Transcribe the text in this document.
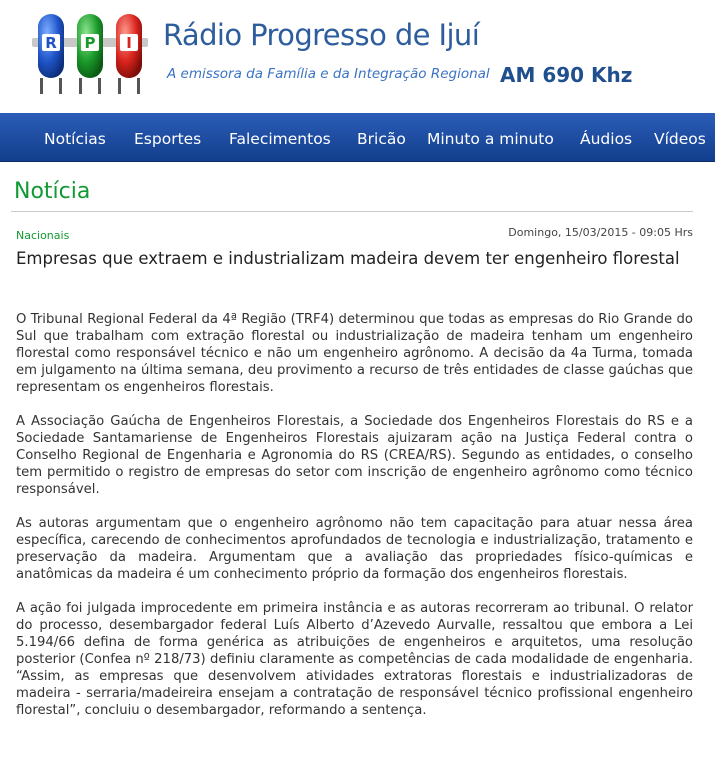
R P I Rádio Progresso de Ijuí
A emissora da Família e da Integração Regional AM 690 Khz
Notícias Esportes Falecimentos Bricão Minuto a minuto Áudios Vídeos
Notícia
Nacionais	Domingo, 15/03/2015 - 09:05 Hrs
Empresas que extraem e industrializam madeira devem ter engenheiro florestal

O Tribunal Regional Federal da 4ª Região (TRF4) determinou que todas as empresas do Rio Grande do Sul que trabalham com extração florestal ou industrialização de madeira tenham um engenheiro florestal como responsável técnico e não um engenheiro agrônomo. A decisão da 4a Turma, tomada em julgamento na última semana, deu provimento a recurso de três entidades de classe gaúchas que representam os engenheiros florestais.

A Associação Gaúcha de Engenheiros Florestais, a Sociedade dos Engenheiros Florestais do RS e a Sociedade Santamariense de Engenheiros Florestais ajuizaram ação na Justiça Federal contra o Conselho Regional de Engenharia e Agronomia do RS (CREA/RS). Segundo as entidades, o conselho tem permitido o registro de empresas do setor com inscrição de engenheiro agrônomo como técnico responsável.

As autoras argumentam que o engenheiro agrônomo não tem capacitação para atuar nessa área específica, carecendo de conhecimentos aprofundados de tecnologia e industrialização, tratamento e preservação da madeira. Argumentam que a avaliação das propriedades físico-químicas e anatômicas da madeira é um conhecimento próprio da formação dos engenheiros florestais.

A ação foi julgada improcedente em primeira instância e as autoras recorreram ao tribunal. O relator do processo, desembargador federal Luís Alberto d’Azevedo Aurvalle, ressaltou que embora a Lei 5.194/66 defina de forma genérica as atribuições de engenheiros e arquitetos, uma resolução posterior (Confea nº 218/73) definiu claramente as competências de cada modalidade de engenharia. “Assim, as empresas que desenvolvem atividades extratoras florestais e industrializadoras de madeira - serraria/madeireira ensejam a contratação de responsável técnico profissional engenheiro florestal”, concluiu o desembargador, reformando a sentença.
